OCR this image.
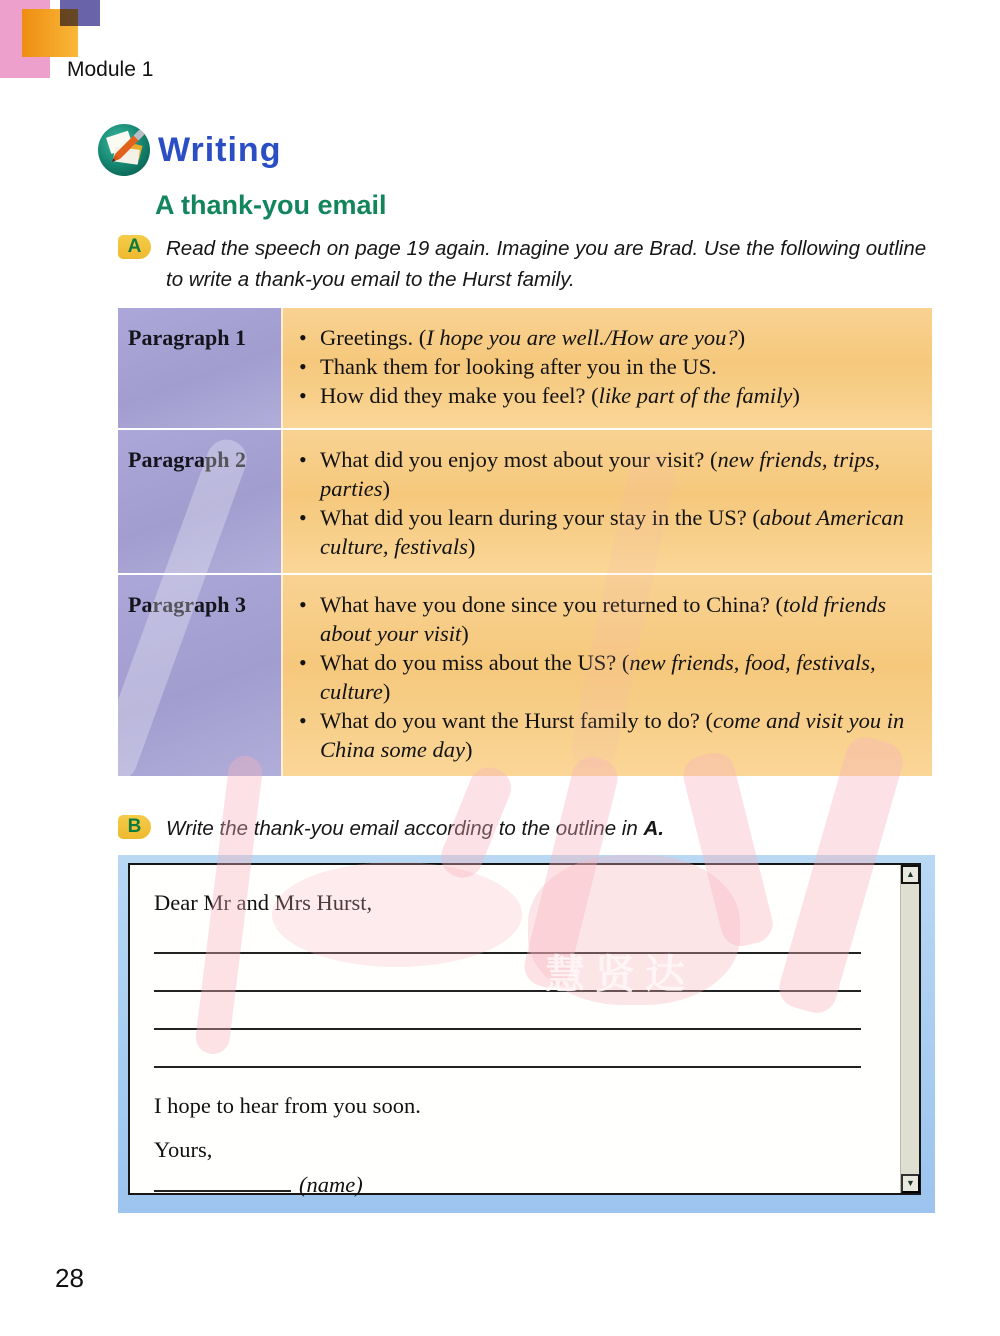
Module 1
Writing
A thank-you email
A	Read the speech on page 19 again. Imagine you are Brad. Use the following outline to write a thank-you email to the Hurst family.
Paragraph 1	• Greetings. (I hope you are well./How are you?)
• Thank them for looking after you in the US.
• How did they make you feel? (like part of the family)
Paragraph 2	• What did you enjoy most about your visit? (new friends, trips, parties)
• What did you learn during your stay in the US? (about American culture, festivals)
Paragraph 3	• What have you done since you returned to China? (told friends about your visit)
• What do you miss about the US? (new friends, food, festivals, culture)
• What do you want the Hurst family to do? (come and visit you in China some day)
B	Write the thank-you email according to the outline in A.
Dear Mr and Mrs Hurst,
I hope to hear from you soon.
Yours,
(name)
▲
▼
慧贤达
28
